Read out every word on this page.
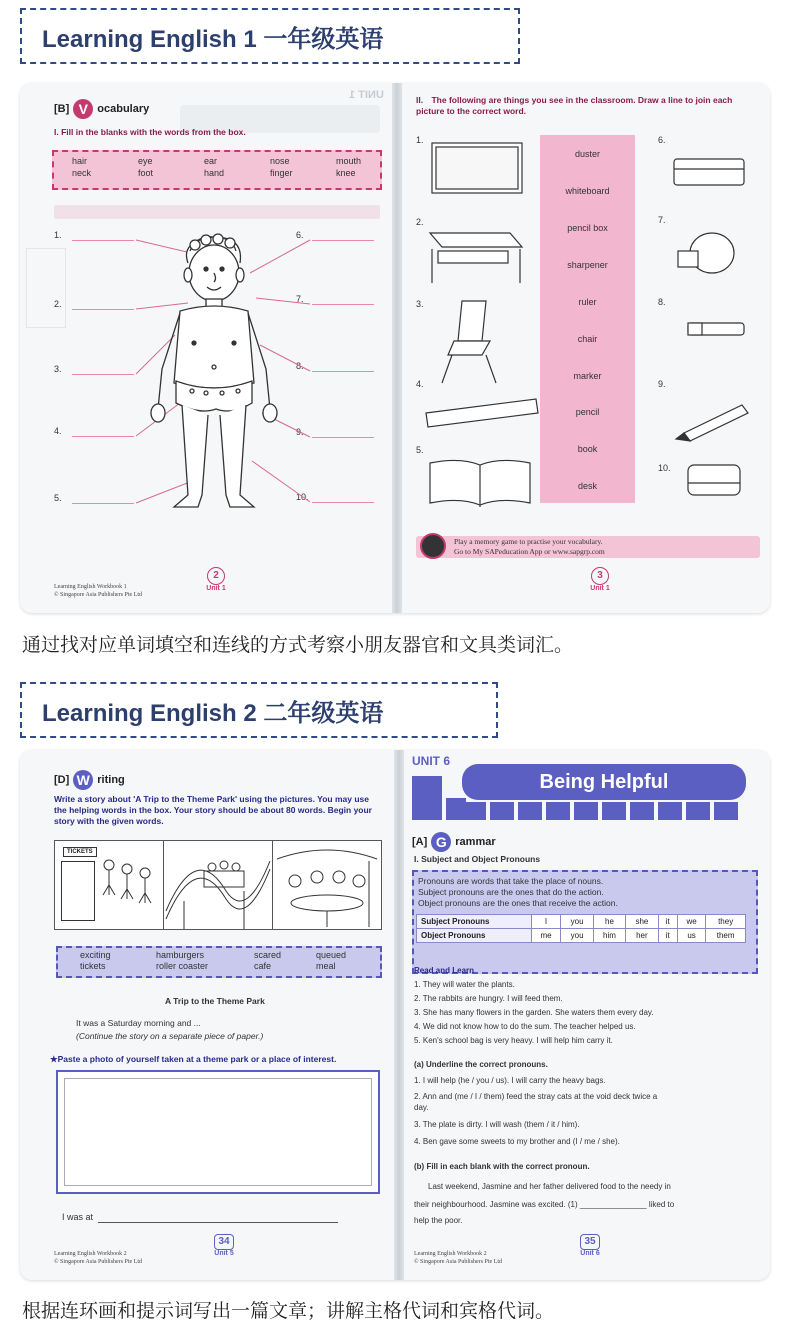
Learning English 1 一年级英语
[B] V ocabulary
UNIT 1
I. Fill in the blanks with the words from the box.
hair	eye	ear	nose	mouth
neck	foot	hand	finger	knee
1.
2.
3.
4.
5.
6.
7.
8.
9.
10.
Learning English Workbook 1
© Singapore Asia Publishers Pte Ltd
2
Unit 1
II. The following are things you see in the classroom. Draw a line to join each picture to the correct word.
duster
whiteboard
pencil box
sharpener
ruler
chair
marker
pencil
book
desk
1.
2.
3.
4.
5.
6.
7.
8.
9.
10.
Play a memory game to practise your vocabulary.
Go to My SAPeducation App or www.sapgrp.com
3
Unit 1
通过找对应单词填空和连线的方式考察小朋友器官和文具类词汇。
Learning English 2 二年级英语
[D] W riting
Write a story about 'A Trip to the Theme Park' using the pictures. You may use the helping words in the box. Your story should be about 80 words. Begin your story with the given words.
TICKETS
exciting	hamburgers	scared	queued
tickets	roller coaster	cafe	meal
A Trip to the Theme Park
It was a Saturday morning and ...
(Continue the story on a separate piece of paper.)
★Paste a photo of yourself taken at a theme park or a place of interest.
I was at
Learning English Workbook 2
© Singapore Asia Publishers Pte Ltd
34
Unit 5
UNIT 6
Being Helpful
[A] G rammar
I. Subject and Object Pronouns
Pronouns are words that take the place of nouns.
Subject pronouns are the ones that do the action.
Object pronouns are the ones that receive the action.
Subject Pronouns	I	you	he	she	it	we	they
Object Pronouns	me	you	him	her	it	us	them
Read and Learn
1. They will water the plants.
2. The rabbits are hungry. I will feed them.
3. She has many flowers in the garden. She waters them every day.
4. We did not know how to do the sum. The teacher helped us.
5. Ken's school bag is very heavy. I will help him carry it.
(a) Underline the correct pronouns.
1. I will help (he / you / us). I will carry the heavy bags.
2. Ann and (me / I / them) feed the stray cats at the void deck twice a
day.
3. The plate is dirty. I will wash (them / it / him).
4. Ben gave some sweets to my brother and (I / me / she).
(b) Fill in each blank with the correct pronoun.
Last weekend, Jasmine and her father delivered food to the needy in
their neighbourhood. Jasmine was excited. (1) _______________ liked to
help the poor.
Learning English Workbook 2
© Singapore Asia Publishers Pte Ltd
35
Unit 6
根据连环画和提示词写出一篇文章；讲解主格代词和宾格代词。
